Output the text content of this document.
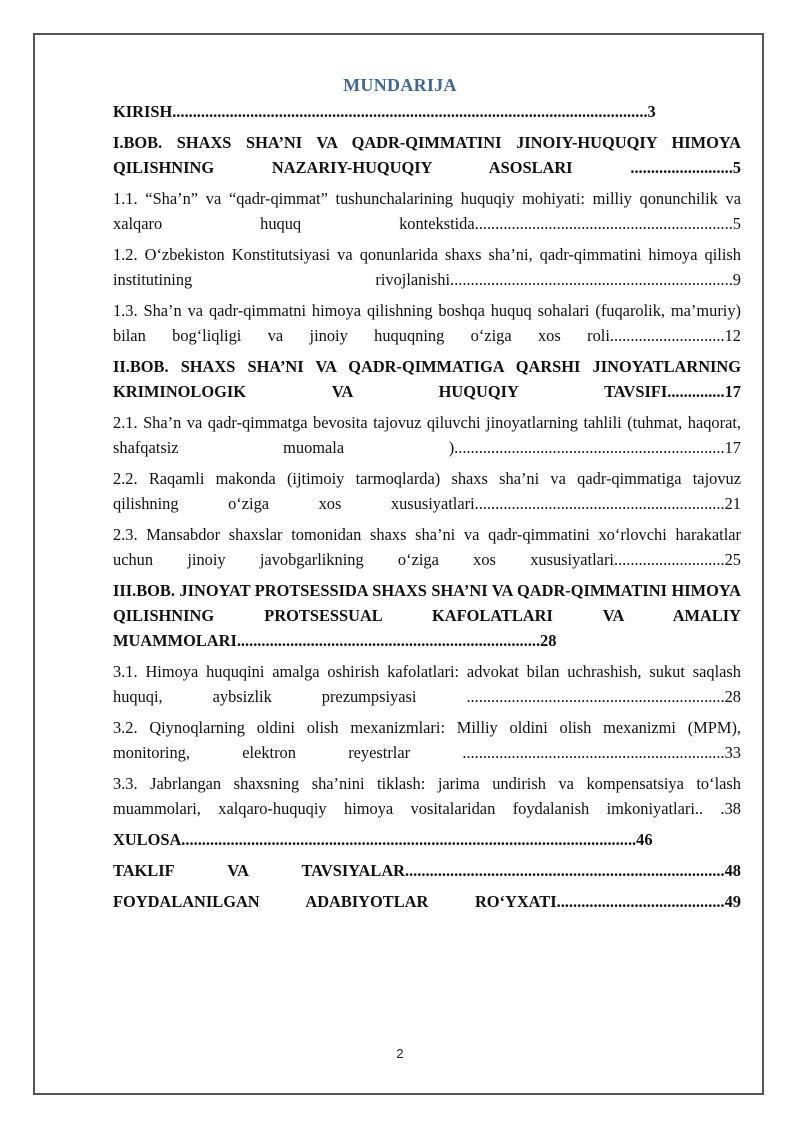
MUNDARIJA

KIRISH....................................................................................................................3

I.BOB. SHAXS SHA’NI VA QADR-QIMMATINI JINOIY-HUQUQIY HIMOYA QILISHNING NAZARIY-HUQUQIY ASOSLARI .........................5

1.1. “Sha’n” va “qadr-qimmat” tushunchalarining huquqiy mohiyati: milliy qonunchilik va xalqaro huquq kontekstida...............................................................5

1.2. O‘zbekiston Konstitutsiyasi va qonunlarida shaxs sha’ni, qadr-qimmatini himoya qilish institutining rivojlanishi.....................................................................9

1.3. Sha’n va qadr-qimmatni himoya qilishning boshqa huquq sohalari (fuqarolik, ma’muriy) bilan bog‘liqligi va jinoiy huquqning o‘ziga xos roli............................12

II.BOB. SHAXS SHA’NI VA QADR-QIMMATIGA QARSHI JINOYATLARNING KRIMINOLOGIK VA HUQUQIY TAVSIFI..............17

2.1. Sha’n va qadr-qimmatga bevosita tajovuz qiluvchi jinoyatlarning tahlili (tuhmat, haqorat, shafqatsiz muomala )..................................................................17

2.2. Raqamli makonda (ijtimoiy tarmoqlarda) shaxs sha’ni va qadr-qimmatiga tajovuz qilishning o‘ziga xos xususiyatlari.............................................................21

2.3. Mansabdor shaxslar tomonidan shaxs sha’ni va qadr-qimmatini xo‘rlovchi harakatlar uchun jinoiy javobgarlikning o‘ziga xos xususiyatlari...........................25

III.BOB. JINOYAT PROTSESSIDA SHAXS SHA’NI VA QADR-QIMMATINI HIMOYA QILISHNING PROTSESSUAL KAFOLATLARI VA AMALIY MUAMMOLARI..........................................................................28

3.1. Himoya huquqini amalga oshirish kafolatlari: advokat bilan uchrashish, sukut saqlash huquqi, aybsizlik prezumpsiyasi ...............................................................28

3.2. Qiynoqlarning oldini olish mexanizmlari: Milliy oldini olish mexanizmi (MPM), monitoring, elektron reyestrlar ................................................................33

3.3. Jabrlangan shaxsning sha’nini tiklash: jarima undirish va kompensatsiya to‘lash muammolari, xalqaro-huquqiy himoya vositalaridan foydalanish imkoniyatlari.. .38

XULOSA...............................................................................................................46

TAKLIF VA TAVSIYALAR..............................................................................48

FOYDALANILGAN ADABIYOTLAR RO‘YXATI.........................................49

2
